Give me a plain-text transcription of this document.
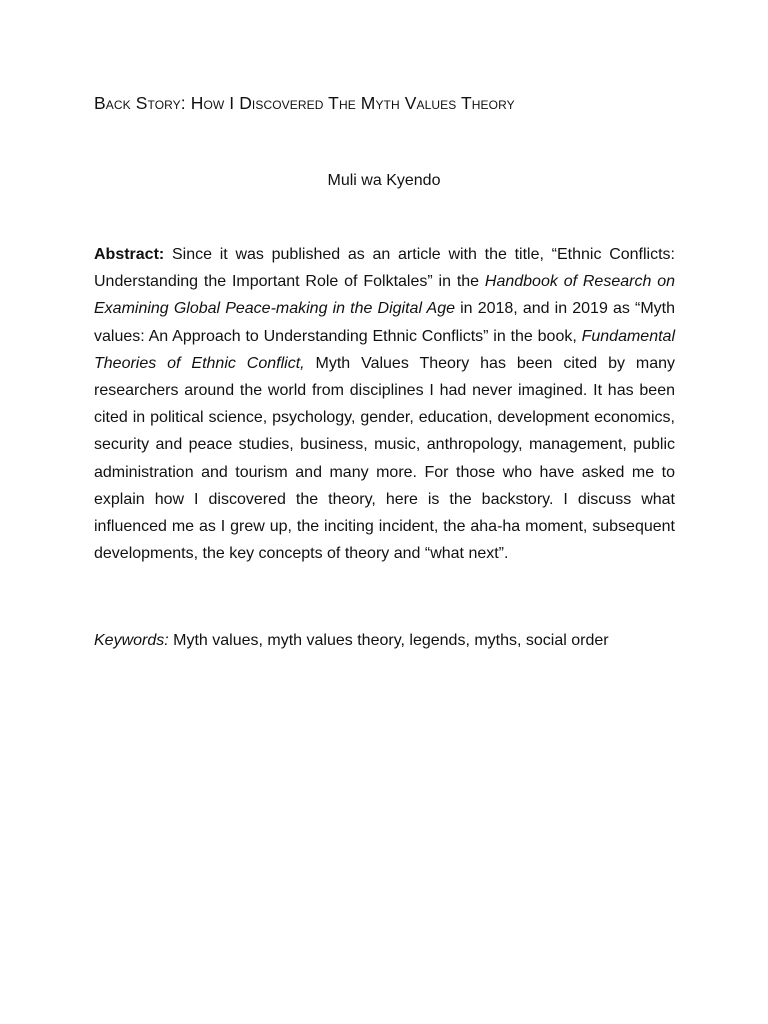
Back Story: How I Discovered The Myth Values Theory
Muli wa Kyendo

Abstract: Since it was published as an article with the title, “Ethnic Conflicts: Understanding the Important Role of Folktales” in the Handbook of Research on Examining Global Peace-making in the Digital Age in 2018, and in 2019 as “Myth values: An Approach to Understanding Ethnic Conflicts” in the book, Fundamental Theories of Ethnic Conflict, Myth Values Theory has been cited by many researchers around the world from disciplines I had never imagined. It has been cited in political science, psychology, gender, education, development economics, security and peace studies, business, music, anthropology, management, public administration and tourism and many more. For those who have asked me to explain how I discovered the theory, here is the backstory. I discuss what influenced me as I grew up, the inciting incident, the aha-ha moment, subsequent developments, the key concepts of theory and “what next”.

Keywords: Myth values, myth values theory, legends, myths, social order
